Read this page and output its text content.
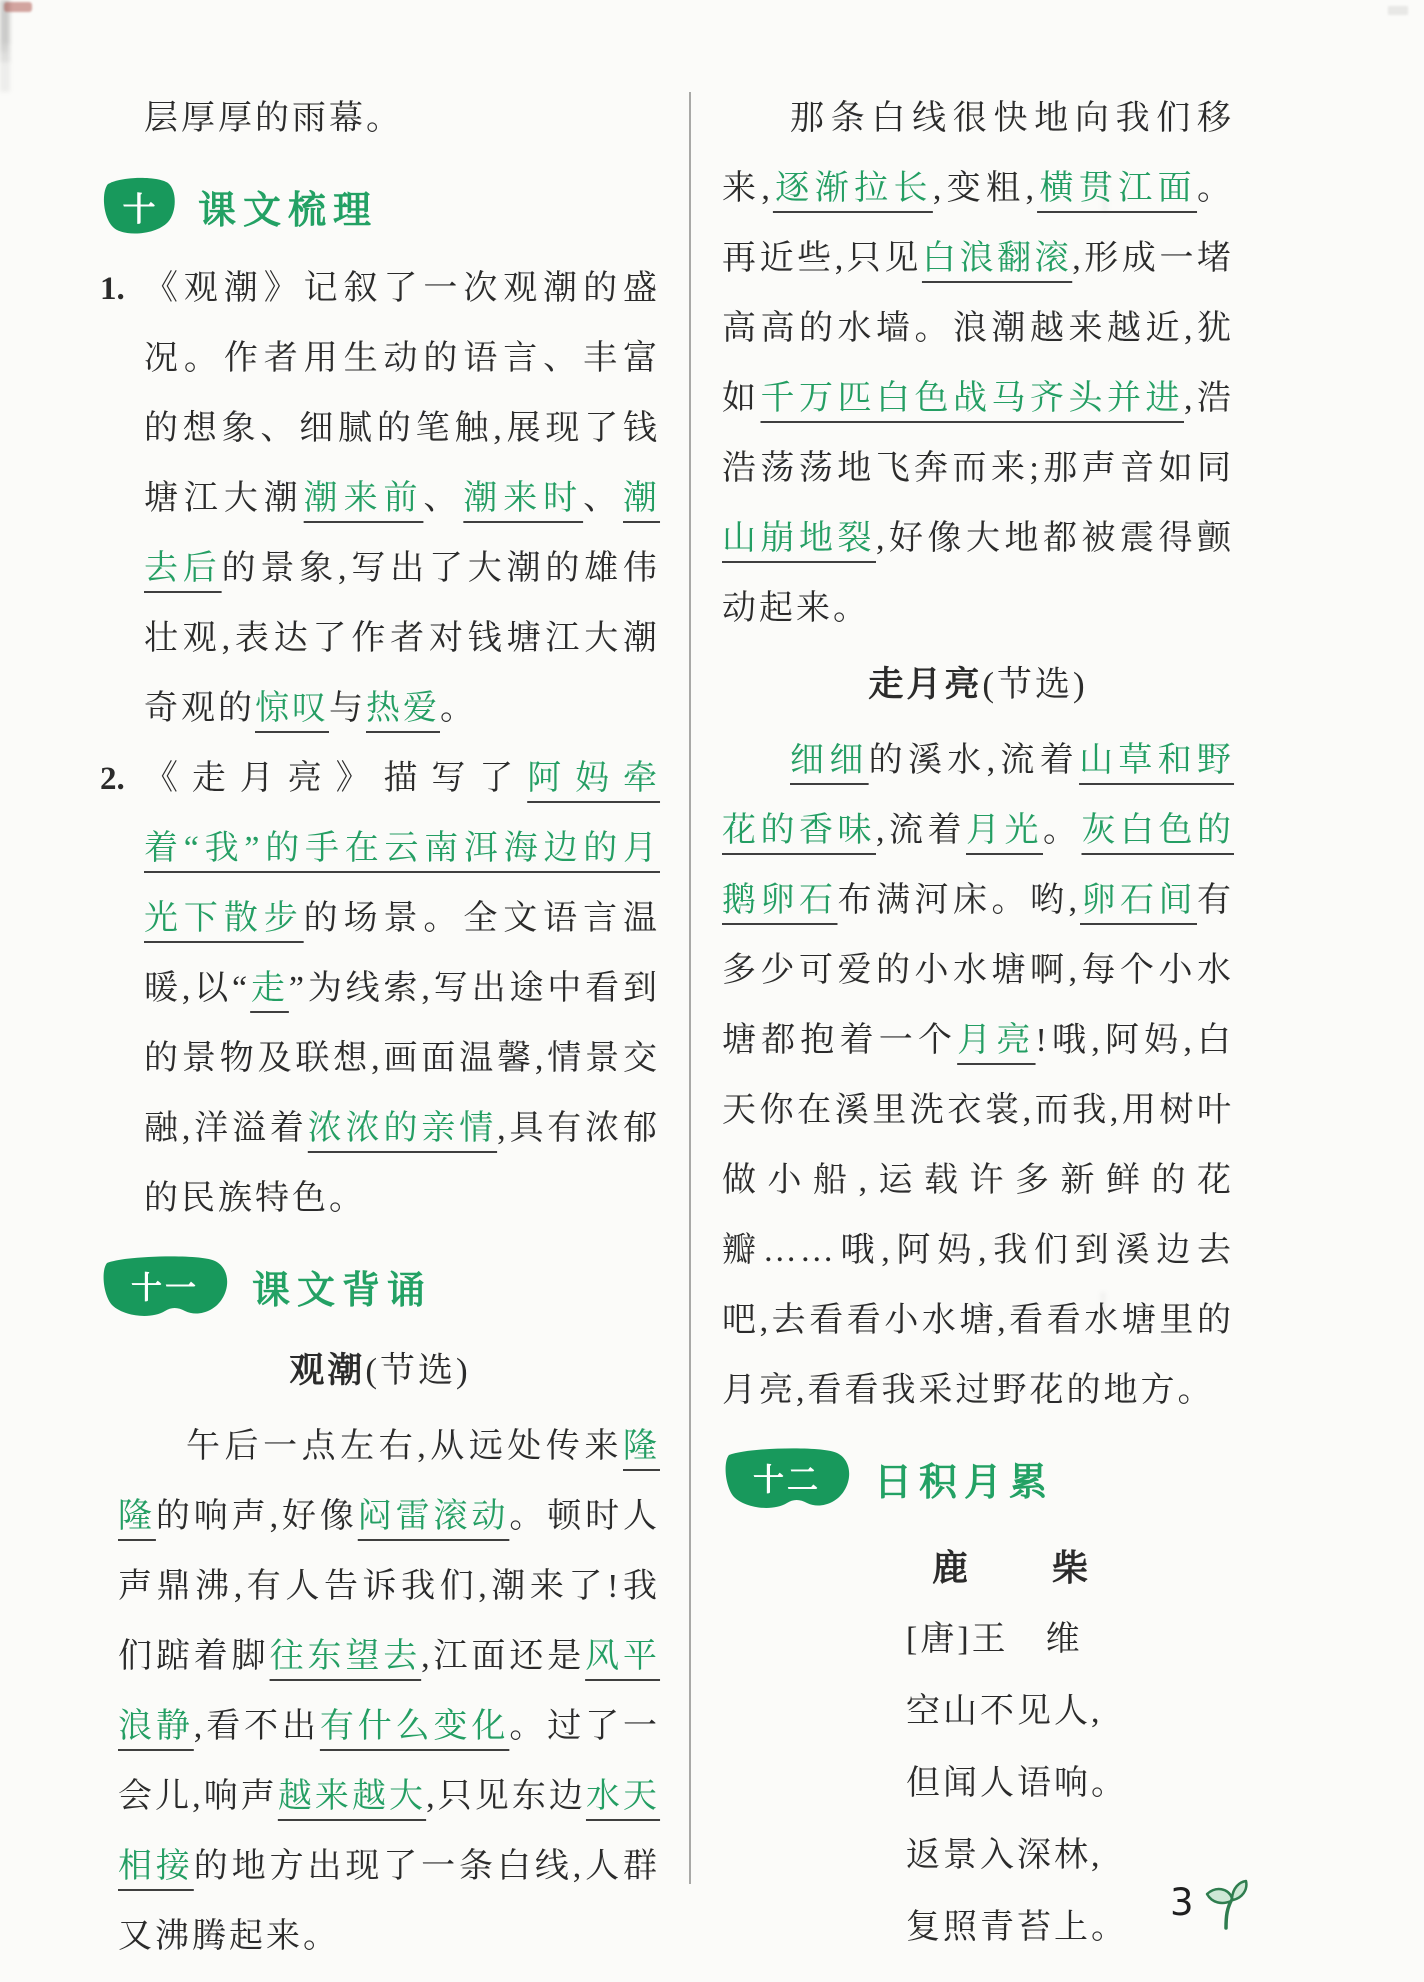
层厚厚的雨幕。

十 课文梳理
1. 《观潮》记叙了一次观潮的盛况。作者用生动的语言、丰富的想象、细腻的笔触,展现了钱塘江大潮潮来前、潮来时、潮去后的景象,写出了大潮的雄伟壮观,表达了作者对钱塘江大潮奇观的惊叹与热爱。

2. 《走月亮》描写了阿妈牵着“我”的手在云南洱海边的月光下散步的场景。全文语言温暖,以“走”为线索,写出途中看到的景物及联想,画面温馨,情景交融,洋溢着浓浓的亲情,具有浓郁的民族特色。

十一 课文背诵
观潮(节选)

午后一点左右,从远处传来隆隆的响声,好像闷雷滚动。顿时人声鼎沸,有人告诉我们,潮来了!我们踮着脚往东望去,江面还是风平浪静,看不出有什么变化。过了一会儿,响声越来越大,只见东边水天相接的地方出现了一条白线,人群又沸腾起来。

那条白线很快地向我们移来,逐渐拉长,变粗,横贯江面。再近些,只见白浪翻滚,形成一堵高高的水墙。浪潮越来越近,犹如千万匹白色战马齐头并进,浩浩荡荡地飞奔而来;那声音如同山崩地裂,好像大地都被震得颤动起来。

走月亮(节选)

细细的溪水,流着山草和野花的香味,流着月光。灰白色的鹅卵石布满河床。哟,卵石间有多少可爱的小水塘啊,每个小水塘都抱着一个月亮!哦,阿妈,白天你在溪里洗衣裳,而我,用树叶做小船,运载许多新鲜的花瓣……哦,阿妈,我们到溪边去吧,去看看小水塘,看看水塘里的月亮,看看我采过野花的地方。

十二 日积月累
鹿　　柴
[唐]王　维
空山不见人,
但闻人语响。
返景入深林,
复照青苔上。
3
